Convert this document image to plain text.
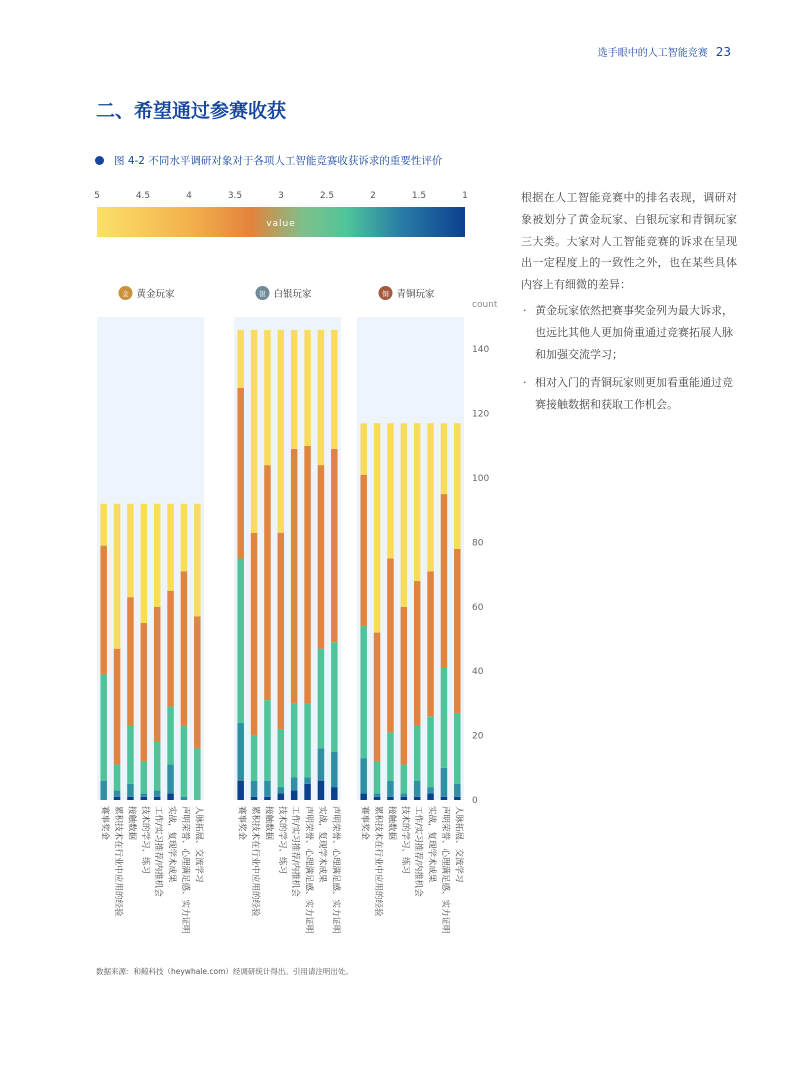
选手眼中的人工智能竞赛 23
二、希望通过参赛收获
图 4-2 不同水平调研对象对于各项人工智能竞赛收获诉求的重要性评价
5	4.5	4	3.5	3	2.5	2	1.5	1
value
金 黄金玩家
赛事奖金 累积技术在行业中应用的经验 接触数据 技术的学习、练习 工作/实习推荐/内推机会 实战，复现学术成果 声明荣誉、心理满足感、实力证明 人脉拓展、交流学习
银 白银玩家
赛事奖金 累积技术在行业中应用的经验 接触数据 技术的学习、练习 工作/实习推荐/内推机会 声明荣誉、心理满足感、实力证明 实战，复现学术成果 声明荣誉、心理满足感、实力证明
铜 青铜玩家
赛事奖金 累积技术在行业中应用的经验 接触数据 技术的学习、练习 工作/实习推荐/内推机会 实战，复现学术成果 声明荣誉、心理满足感、实力证明 人脉拓展、交流学习
0
20
40
60
80
100
120
140
count
根据在人工智能竞赛中的排名表现，调研对象被划分了黄金玩家、白银玩家和青铜玩家三大类。大家对人工智能竞赛的诉求在呈现出一定程度上的一致性之外，也在某些具体内容上有细微的差异：
· 黄金玩家依然把赛事奖金列为最大诉求，也远比其他人更加倚重通过竞赛拓展人脉和加强交流学习；
· 相对入门的青铜玩家则更加看重能通过竞赛接触数据和获取工作机会。
数据来源：和鲸科技（heywhale.com）经调研统计得出。引用请注明出处。
